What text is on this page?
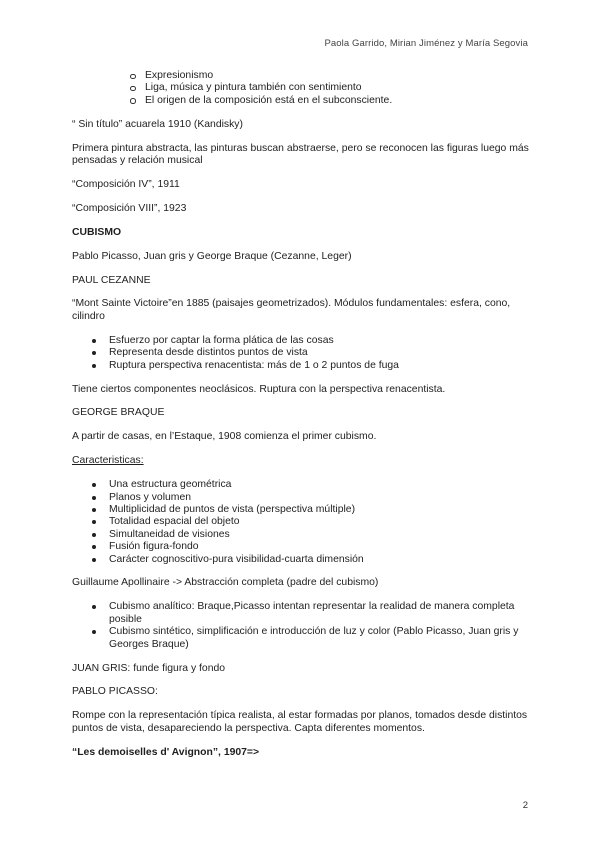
Paola Garrido, Mirian Jiménez y María Segovia
Expresionismo
Liga, música y pintura también con sentimiento
El origen de la composición está en el subconsciente.

“ Sin título” acuarela 1910 (Kandisky)

Primera pintura abstracta, las pinturas buscan abstraerse, pero se reconocen las figuras luego más pensadas y relación musical

“Composición IV”, 1911

“Composición VIII”, 1923

CUBISMO

Pablo Picasso, Juan gris y George Braque (Cezanne, Leger)

PAUL CEZANNE

“Mont Sainte Victoire”en 1885 (paisajes geometrizados). Módulos fundamentales: esfera, cono, cilindro

Esfuerzo por captar la forma plática de las cosas
Representa desde distintos puntos de vista
Ruptura perspectiva renacentista: más de 1 o 2 puntos de fuga

Tiene ciertos componentes neoclásicos. Ruptura con la perspectiva renacentista.

GEORGE BRAQUE

A partir de casas, en l’Estaque, 1908 comienza el primer cubismo.

Caracteristicas:

Una estructura geométrica
Planos y volumen
Multiplicidad de puntos de vista (perspectiva múltiple)
Totalidad espacial del objeto
Simultaneidad de visiones
Fusión figura-fondo
Carácter cognoscitivo-pura visibilidad-cuarta dimensión

Guillaume Apollinaire -> Abstracción completa (padre del cubismo)

Cubismo analítico: Braque,Picasso intentan representar la realidad de manera completa posible
Cubismo sintético, simplificación e introducción de luz y color (Pablo Picasso, Juan gris y Georges Braque)

JUAN GRIS: funde figura y fondo

PABLO PICASSO:

Rompe con la representación típica realista, al estar formadas por planos, tomados desde distintos puntos de vista, desapareciendo la perspectiva. Capta diferentes momentos.

“Les demoiselles d' Avignon”, 1907=>

2
